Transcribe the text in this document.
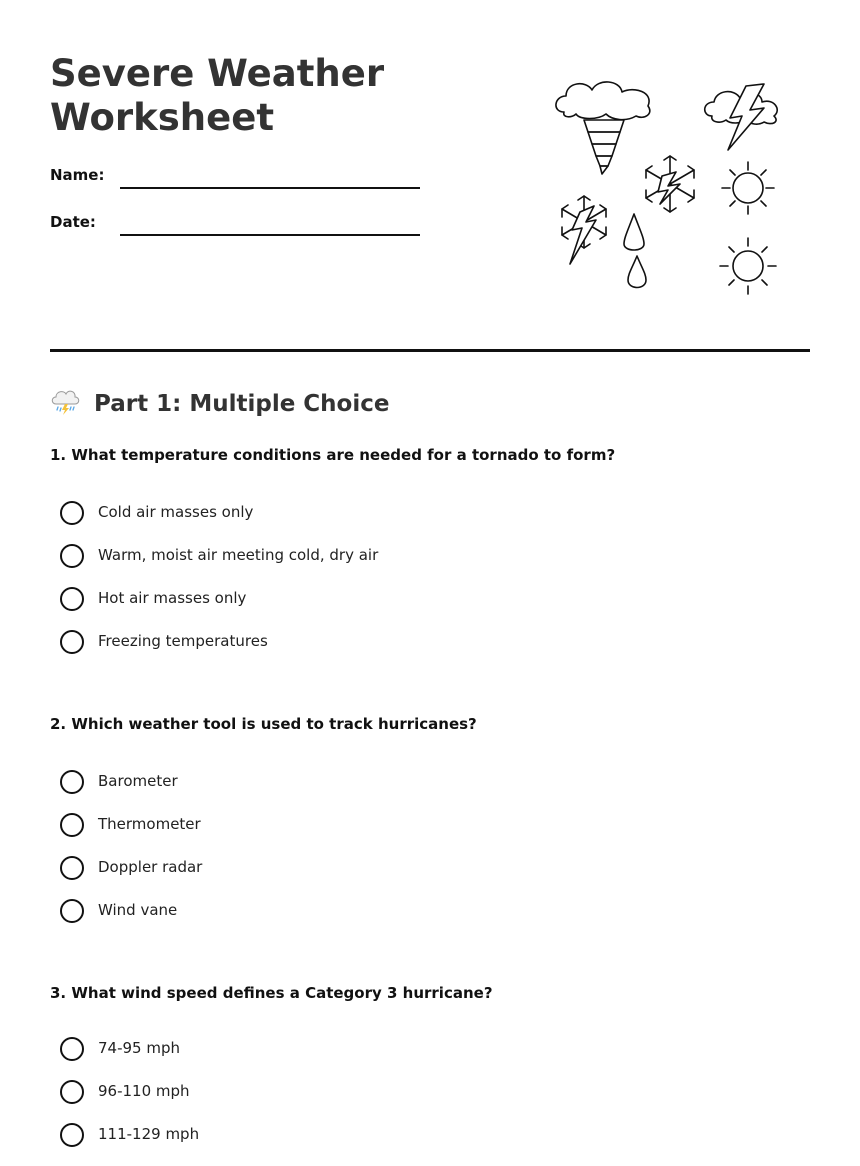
Severe Weather Worksheet
Name:
Date:
Part 1: Multiple Choice

1. What temperature conditions are needed for a tornado to form?

Cold air masses only
Warm, moist air meeting cold, dry air
Hot air masses only
Freezing temperatures

2. Which weather tool is used to track hurricanes?

Barometer
Thermometer
Doppler radar
Wind vane

3. What wind speed defines a Category 3 hurricane?

74-95 mph
96-110 mph
111-129 mph
